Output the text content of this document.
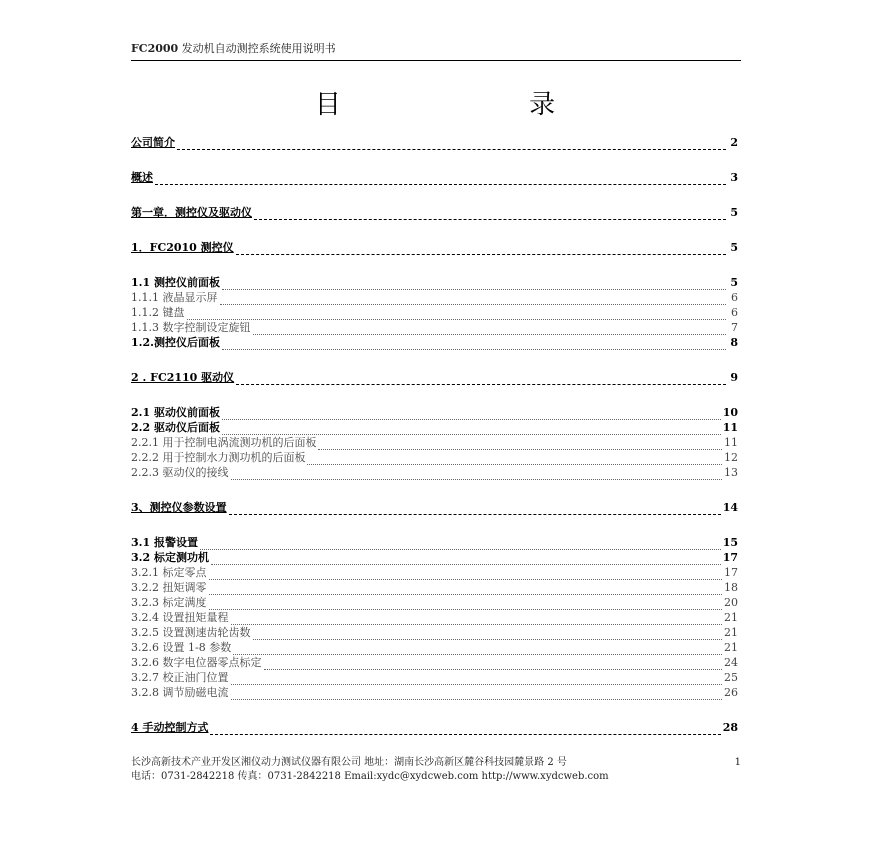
FC2000 发动机自动测控系统使用说明书
目 录
公司简介	2
概述	3
第一章．测控仪及驱动仪	5
1．FC2010 测控仪	5
1.1 测控仪前面板	5
1.1.1 液晶显示屏	6
1.1.2 键盘	6
1.1.3 数字控制设定旋钮	7
1.2.测控仪后面板	8
2 . FC2110 驱动仪	9
2.1 驱动仪前面板	10
2.2 驱动仪后面板	11
2.2.1 用于控制电涡流测功机的后面板	11
2.2.2 用于控制水力测功机的后面板	12
2.2.3 驱动仪的接线	13
3、测控仪参数设置	14
3.1 报警设置	15
3.2 标定测功机	17
3.2.1 标定零点	17
3.2.2 扭矩调零	18
3.2.3 标定满度	20
3.2.4 设置扭矩量程	21
3.2.5 设置测速齿轮齿数	21
3.2.6 设置 1-8 参数	21
3.2.6 数字电位器零点标定	24
3.2.7 校正油门位置	25
3.2.8 调节励磁电流	26
4 手动控制方式	28
长沙高新技术产业开发区湘仪动力测试仪器有限公司 地址：湖南长沙高新区麓谷科技园麓景路 2 号
电话：0731-2842218 传真：0731-2842218 Email:xydc@xydcweb.com http://www.xydcweb.com
1
